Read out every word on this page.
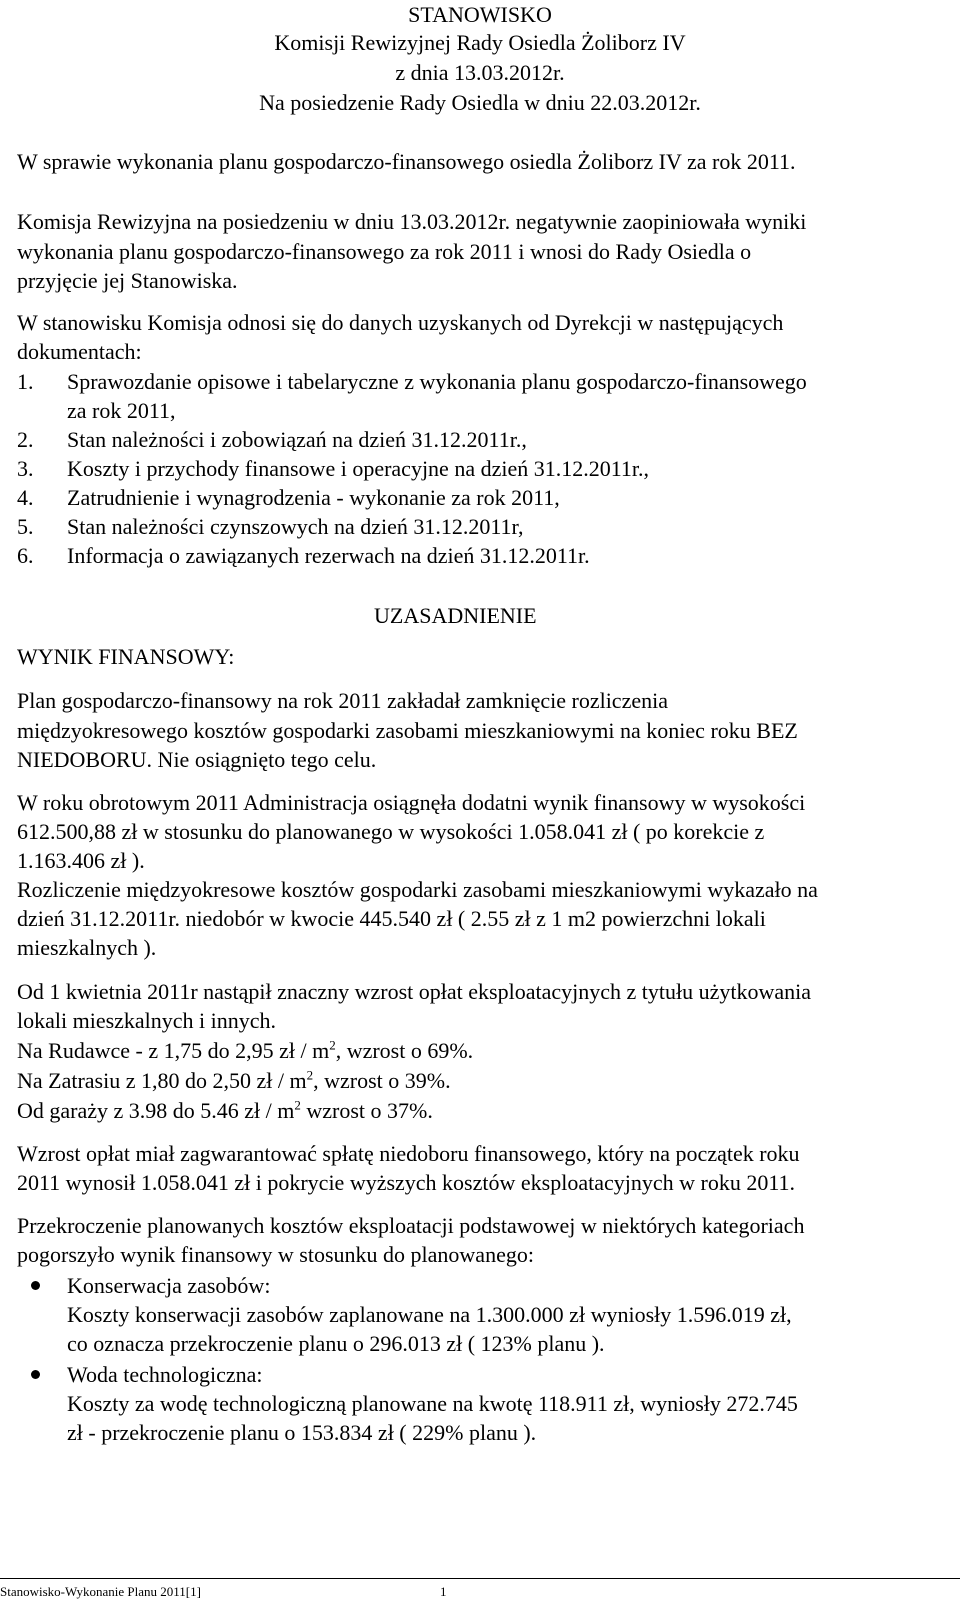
STANOWISKO
Komisji Rewizyjnej Rady Osiedla Żoliborz IV
z dnia 13.03.2012r.
Na posiedzenie Rady Osiedla w dniu 22.03.2012r.
W sprawie wykonania planu gospodarczo-finansowego osiedla Żoliborz IV za rok 2011.
Komisja Rewizyjna na posiedzeniu w dniu 13.03.2012r. negatywnie zaopiniowała wyniki
wykonania planu gospodarczo-finansowego za rok 2011 i wnosi do Rady Osiedla o
przyjęcie jej Stanowiska.
W stanowisku Komisja odnosi się do danych uzyskanych od Dyrekcji w następujących
dokumentach:
1. Sprawozdanie opisowe i tabelaryczne z wykonania planu gospodarczo-finansowego
za rok 2011,
2. Stan należności i zobowiązań na dzień 31.12.2011r.,
3. Koszty i przychody finansowe i operacyjne na dzień 31.12.2011r.,
4. Zatrudnienie i wynagrodzenia - wykonanie za rok 2011,
5. Stan należności czynszowych na dzień 31.12.2011r,
6. Informacja o zawiązanych rezerwach na dzień 31.12.2011r.
UZASADNIENIE
WYNIK FINANSOWY:
Plan gospodarczo-finansowy na rok 2011 zakładał zamknięcie rozliczenia
międzyokresowego kosztów gospodarki zasobami mieszkaniowymi na koniec roku BEZ
NIEDOBORU. Nie osiągnięto tego celu.
W roku obrotowym 2011 Administracja osiągnęła dodatni wynik finansowy w wysokości
612.500,88 zł w stosunku do planowanego w wysokości 1.058.041 zł ( po korekcie z
1.163.406 zł ).
Rozliczenie międzyokresowe kosztów gospodarki zasobami mieszkaniowymi wykazało na
dzień 31.12.2011r. niedobór w kwocie 445.540 zł ( 2.55 zł z 1 m2 powierzchni lokali
mieszkalnych ).
Od 1 kwietnia 2011r nastąpił znaczny wzrost opłat eksploatacyjnych z tytułu użytkowania
lokali mieszkalnych i innych.
Na Rudawce - z 1,75 do 2,95 zł / $m^2$, wzrost o 69%.
Na Zatrasiu z 1,80 do 2,50 zł / $m^2$, wzrost o 39%.
Od garaży z 3.98 do 5.46 zł / $m^2$ wzrost o 37%.
Wzrost opłat miał zagwarantować spłatę niedoboru finansowego, który na początek roku
2011 wynosił 1.058.041 zł i pokrycie wyższych kosztów eksploatacyjnych w roku 2011.
Przekroczenie planowanych kosztów eksploatacji podstawowej w niektórych kategoriach
pogorszyło wynik finansowy w stosunku do planowanego:
Konserwacja zasobów:
Koszty konserwacji zasobów zaplanowane na 1.300.000 zł wyniosły 1.596.019 zł,
co oznacza przekroczenie planu o 296.013 zł ( 123% planu ).
Woda technologiczna:
Koszty za wodę technologiczną planowane na kwotę 118.911 zł, wyniosły 272.745
zł - przekroczenie planu o 153.834 zł ( 229% planu ).
Stanowisko-Wykonanie Planu 2011[1]	1
